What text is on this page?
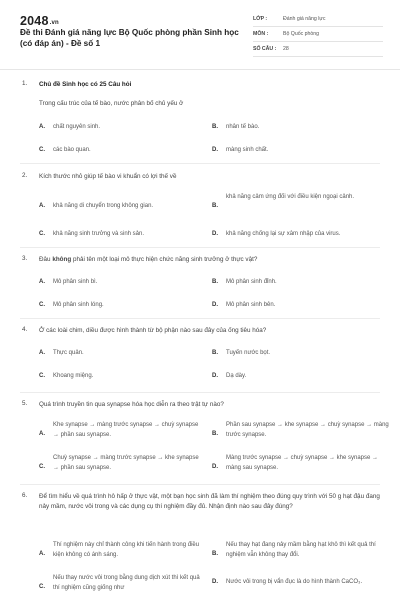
2048.vn
Đề thi Đánh giá năng lực Bộ Quốc phòng phần Sinh học (có đáp án) - Đề số 1
LỚP :	Đánh giá năng lực
MÔN :	Bộ Quốc phòng
SỐ CÂU :	28
1. Chủ đề Sinh học có 25 Câu hỏi
Trong cấu trúc của tế bào, nước phân bố chủ yếu ở
A. chất nguyên sinh.	B. nhân tế bào.
C. các bào quan.	D. màng sinh chất.
2. Kích thước nhỏ giúp tế bào vi khuẩn có lợi thế về
A. khả năng di chuyển trong không gian.	B.
khả năng cảm ứng đối với điều kiện ngoại cảnh.
C. khả năng sinh trưởng và sinh sản.	D. khả năng chống lại sự xâm nhập của virus.
3. Đâu không phải tên một loại mô thực hiện chức năng sinh trưởng ở thực vật?
A. Mô phân sinh bì.	B. Mô phân sinh đỉnh.
C. Mô phân sinh lóng.	D. Mô phân sinh bên.
4. Ở các loài chim, diều được hình thành từ bộ phận nào sau đây của ống tiêu hóa?
A. Thực quản.	B. Tuyến nước bọt.
C. Khoang miệng.	D. Dạ dày.
5. Quá trình truyền tin qua synapse hóa học diễn ra theo trật tự nào?
A.
Khe synapse → màng trước synapse → chuỳ synapse → phần sau synapse.	B.
Phần sau synapse → khe synapse → chuỳ synapse → màng trước synapse.
C.
Chuỳ synapse → màng trước synapse → khe synapse → phần sau synapse.	D.
Màng trước synapse → chuỳ synapse → khe synapse → màng sau synapse.
6. Để tìm hiểu về quá trình hô hấp ở thực vật, một bạn học sinh đã làm thí nghiệm theo đúng quy trình với 50 g hạt đậu đang nảy mầm, nước vôi trong và các dụng cụ thí nghiệm đầy đủ. Nhận định nào sau đây đúng?
A.
Thí nghiệm này chỉ thành công khi tiến hành trong điều kiện không có ánh sáng.	B.
Nếu thay hạt đang nảy mầm bằng hạt khô thì kết quả thí nghiệm vẫn không thay đổi.
C.
Nếu thay nước vôi trong bằng dung dịch xút thì kết quả thí nghiệm cũng giống như
D. Nước vôi trong bị vẩn đục là do hình thành CaCO₃.
